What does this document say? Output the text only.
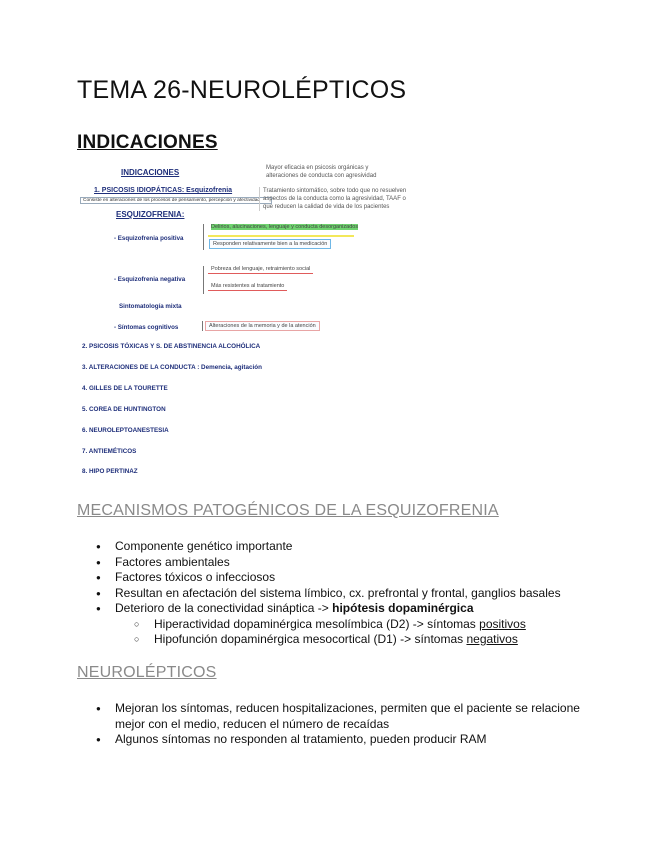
TEMA 26-NEUROLÉPTICOS
INDICACIONES
INDICACIONES
1. PSICOSIS IDIOPÁTICAS: Esquizofrenia
Consiste en alteraciones de los procesos de pensamiento, percepción y afectividad
Mayor eficacia en psicosis orgánicas y alteraciones de conducta con agresividad
Tratamiento sintomático, sobre todo que no resuelven aspectos de la conducta como la agresividad, TAAF o que reducen la calidad de vida de los pacientes
ESQUIZOFRENIA:
- Esquizofrenia positiva
Delirios, alucinaciones, lenguaje y conducta desorganizados
Responden relativamente bien a la medicación
- Esquizofrenia negativa
Pobreza del lenguaje, retraimiento social
Más resistentes al tratamiento
Sintomatología mixta
- Síntomas cognitivos	Alteraciones de la memoria y de la atención
2. PSICOSIS TÓXICAS Y S. DE ABSTINENCIA ALCOHÓLICA
3. ALTERACIONES DE LA CONDUCTA : Demencia, agitación
4. GILLES DE LA TOURETTE
5. COREA DE HUNTINGTON
6. NEUROLEPTOANESTESIA
7. ANTIEMÉTICOS
8. HIPO PERTINAZ
MECANISMOS PATOGÉNICOS DE LA ESQUIZOFRENIA
● Componente genético importante
● Factores ambientales
● Factores tóxicos o infecciosos
● Resultan en afectación del sistema límbico, cx. prefrontal y frontal, ganglios basales
● Deterioro de la conectividad sináptica -> hipótesis dopaminérgica
○ Hiperactividad dopaminérgica mesolímbica (D2) -> síntomas positivos
○ Hipofunción dopaminérgica mesocortical (D1) -> síntomas negativos
NEUROLÉPTICOS
● Mejoran los síntomas, reducen hospitalizaciones, permiten que el paciente se relacione mejor con el medio, reducen el número de recaídas
● Algunos síntomas no responden al tratamiento, pueden producir RAM
